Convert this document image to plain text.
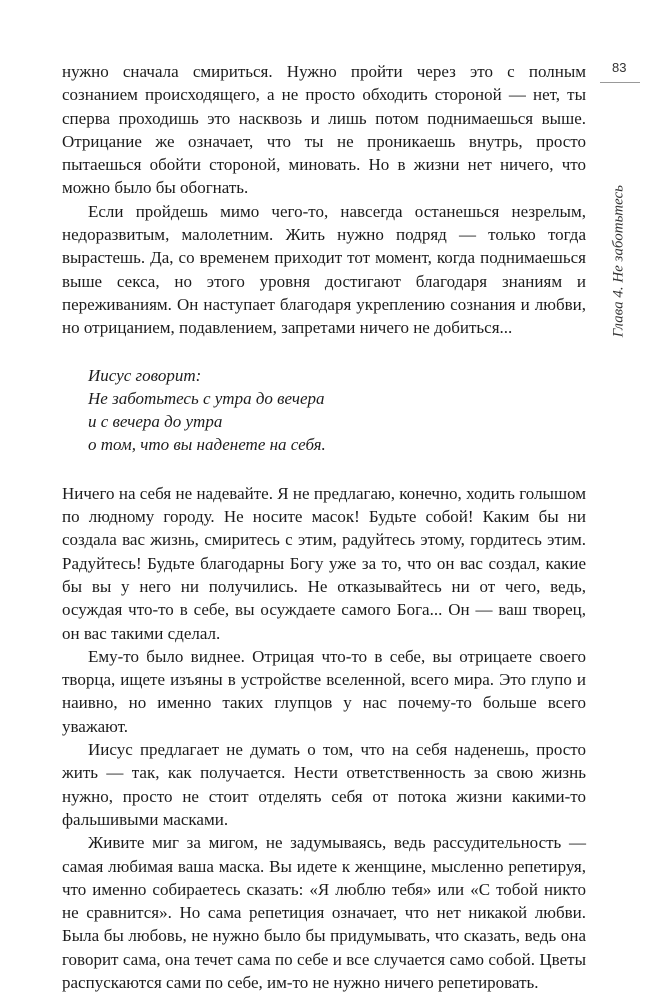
83
Глава 4. Не заботьтесь

нужно сначала смириться. Нужно пройти через это с полным сознанием происходящего, а не просто обходить стороной — нет, ты сперва проходишь это насквозь и лишь потом поднимаешься выше. Отрицание же означает, что ты не проникаешь внутрь, просто пытаешься обойти стороной, миновать. Но в жизни нет ничего, что можно было бы обогнать.

Если пройдешь мимо чего-то, навсегда останешься незрелым, недоразвитым, малолетним. Жить нужно подряд — только тогда вырастешь. Да, со временем приходит тот момент, когда поднимаешься выше секса, но этого уровня достигают благодаря знаниям и переживаниям. Он наступает благодаря укреплению сознания и любви, но отрицанием, подавлением, запретами ничего не добиться...

Иисус говорит:
Не заботьтесь с утра до вечера
и с вечера до утра
о том, что вы наденете на себя.

Ничего на себя не надевайте. Я не предлагаю, конечно, ходить голышом по людному городу. Не носите масок! Будьте собой! Каким бы ни создала вас жизнь, смиритесь с этим, радуйтесь этому, гордитесь этим. Радуйтесь! Будьте благодарны Богу уже за то, что он вас создал, какие бы вы у него ни получились. Не отказывайтесь ни от чего, ведь, осуждая что-то в себе, вы осуждаете самого Бога... Он — ваш творец, он вас такими сделал.

Ему-то было виднее. Отрицая что-то в себе, вы отрицаете своего творца, ищете изъяны в устройстве вселенной, всего мира. Это глупо и наивно, но именно таких глупцов у нас почему-то больше всего уважают.

Иисус предлагает не думать о том, что на себя наденешь, просто жить — так, как получается. Нести ответственность за свою жизнь нужно, просто не стоит отделять себя от потока жизни какими-то фальшивыми масками.

Живите миг за мигом, не задумываясь, ведь рассудительность — самая любимая ваша маска. Вы идете к женщине, мысленно репетируя, что именно собираетесь сказать: «Я люблю тебя» или «С тобой никто не сравнится». Но сама репетиция означает, что нет никакой любви. Была бы любовь, не нужно было бы придумывать, что сказать, ведь она говорит сама, она течет сама по себе и все случается само собой. Цветы распускаются сами по себе, им-то не нужно ничего репетировать.
